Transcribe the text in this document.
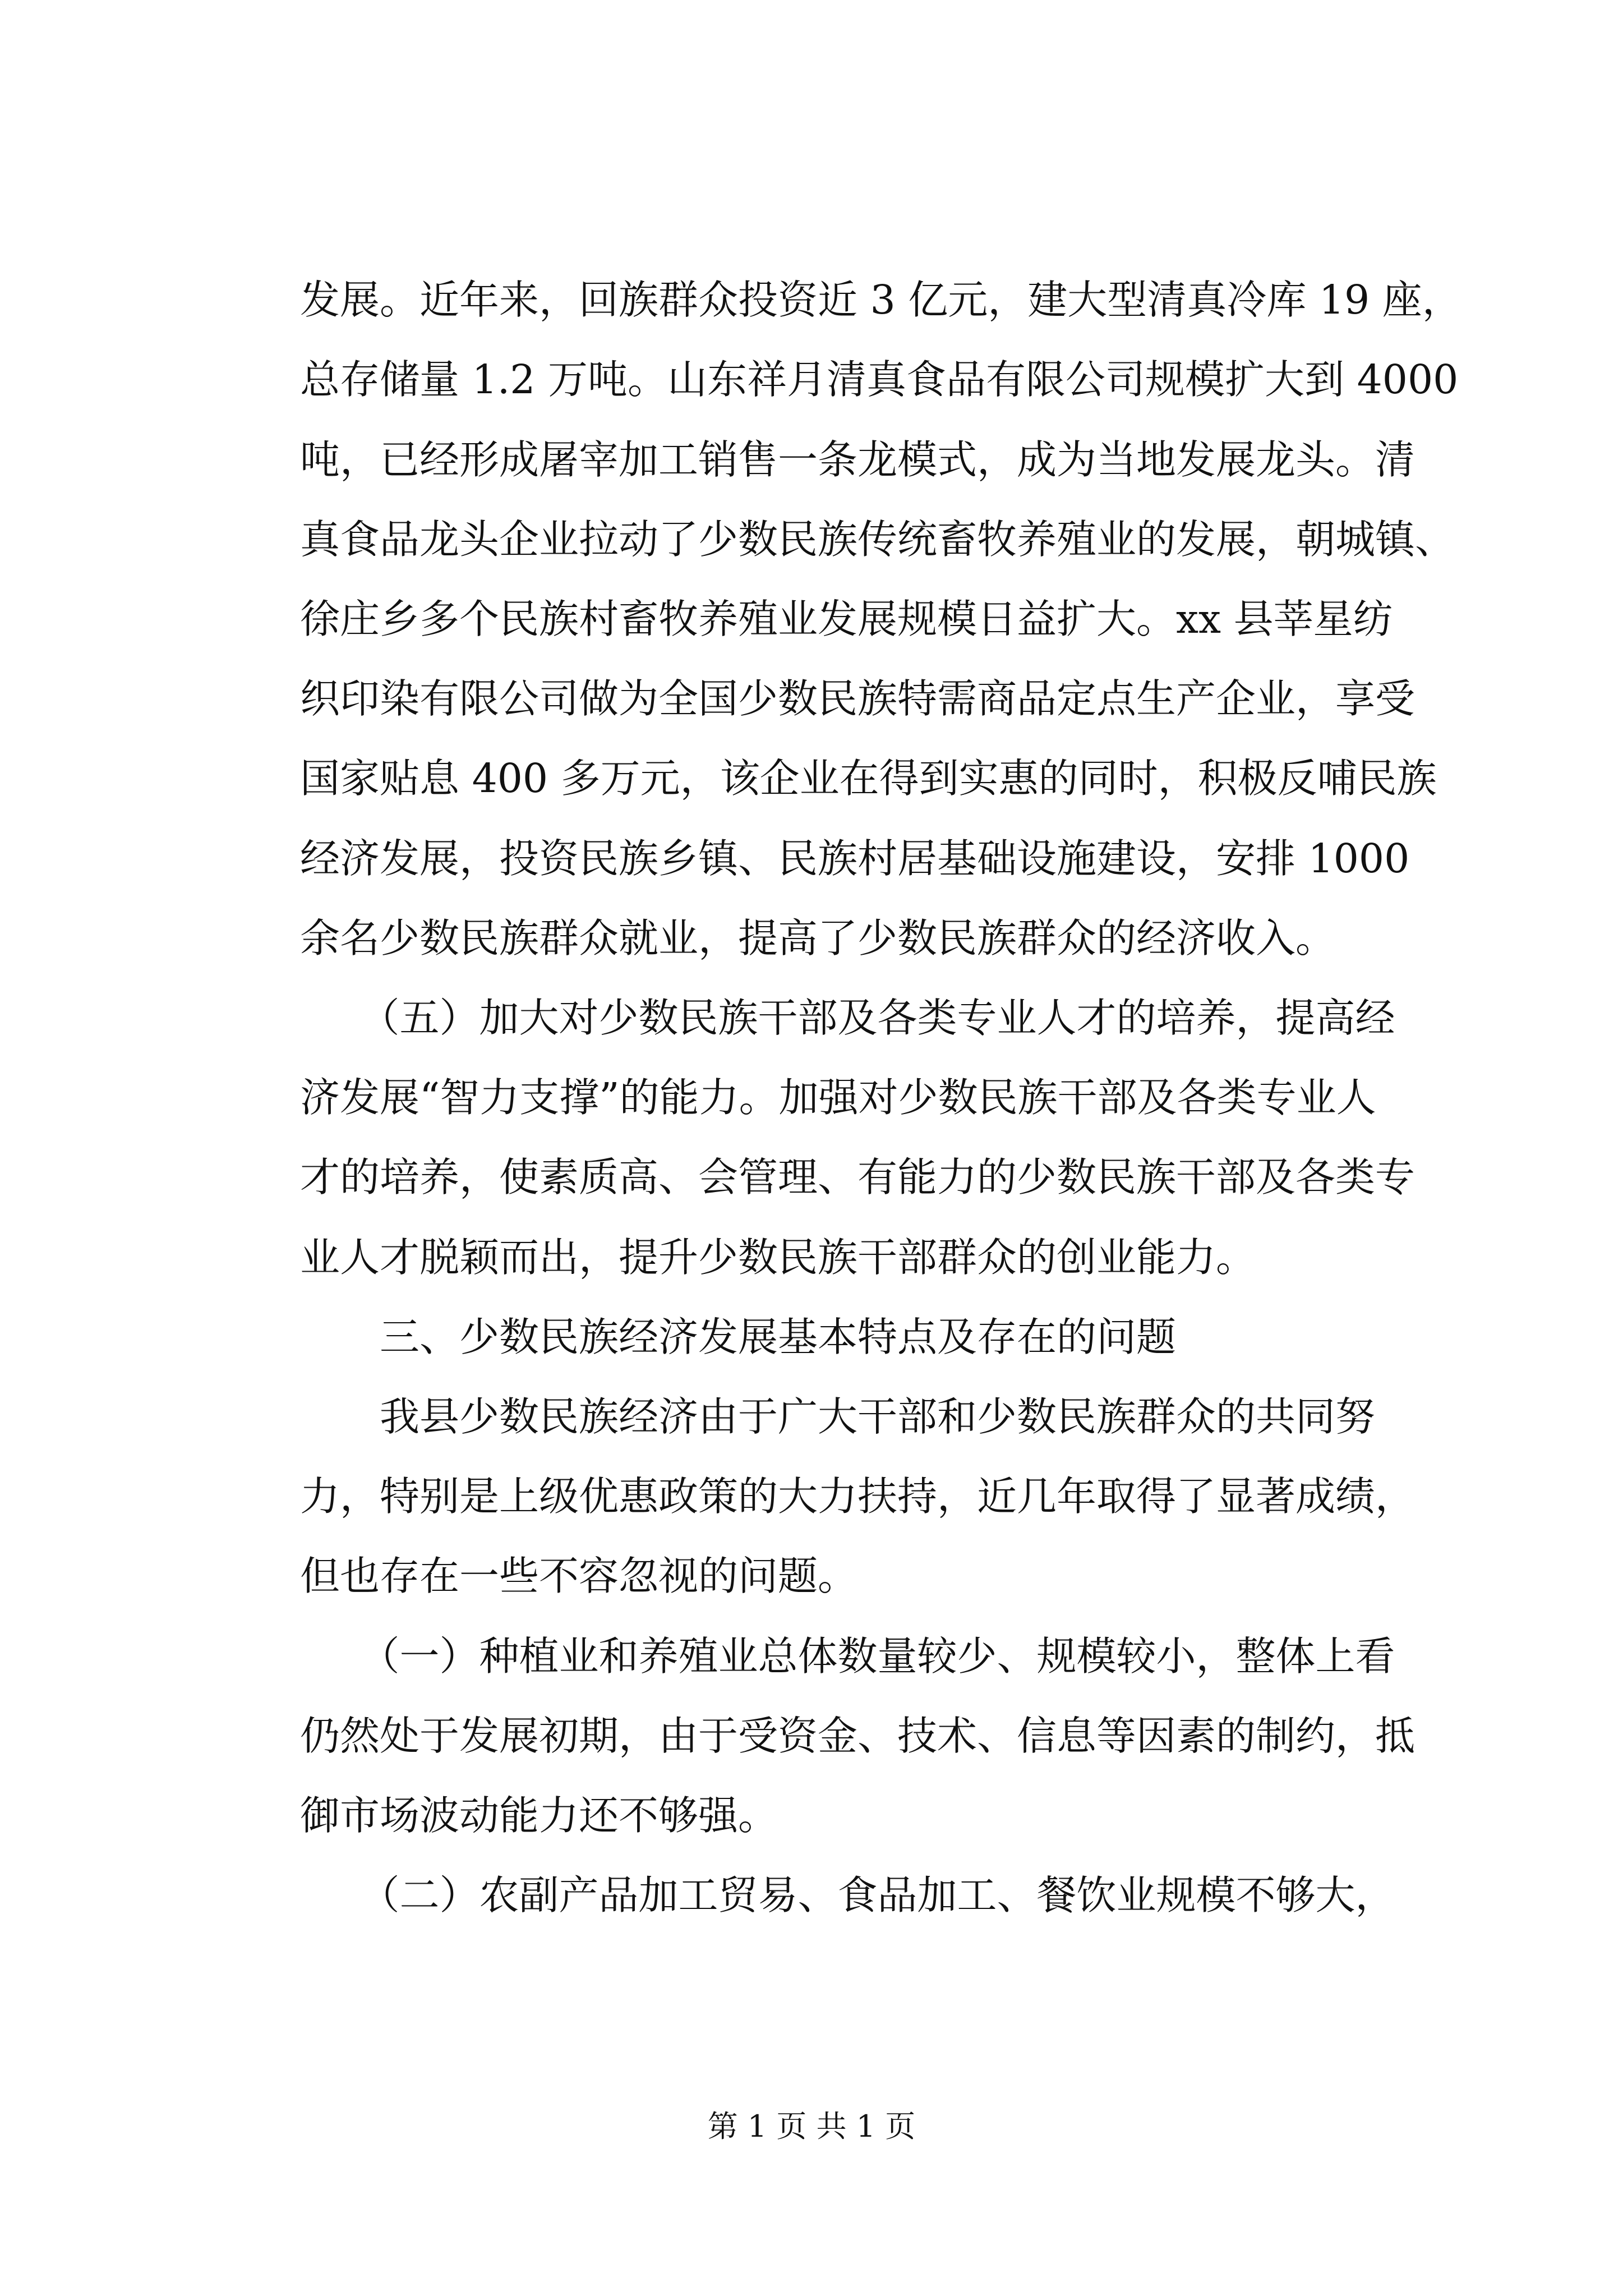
发展。近年来，回族群众投资近 3 亿元，建大型清真冷库 19 座，
总存储量 1.2 万吨。山东祥月清真食品有限公司规模扩大到 4000
吨，已经形成屠宰加工销售一条龙模式，成为当地发展龙头。清
真食品龙头企业拉动了少数民族传统畜牧养殖业的发展，朝城镇、
徐庄乡多个民族村畜牧养殖业发展规模日益扩大。xx 县莘星纺
织印染有限公司做为全国少数民族特需商品定点生产企业，享受
国家贴息 400 多万元，该企业在得到实惠的同时，积极反哺民族
经济发展，投资民族乡镇、民族村居基础设施建设，安排 1000
余名少数民族群众就业，提高了少数民族群众的经济收入。
　　（五）加大对少数民族干部及各类专业人才的培养，提高经
济发展“智力支撑”的能力。加强对少数民族干部及各类专业人
才的培养，使素质高、会管理、有能力的少数民族干部及各类专
业人才脱颖而出，提升少数民族干部群众的创业能力。
　　三、少数民族经济发展基本特点及存在的问题
　　我县少数民族经济由于广大干部和少数民族群众的共同努
力，特别是上级优惠政策的大力扶持，近几年取得了显著成绩，
但也存在一些不容忽视的问题。
　　（一）种植业和养殖业总体数量较少、规模较小，整体上看
仍然处于发展初期，由于受资金、技术、信息等因素的制约，抵
御市场波动能力还不够强。
　　（二）农副产品加工贸易、食品加工、餐饮业规模不够大，
第 1 页 共 1 页
